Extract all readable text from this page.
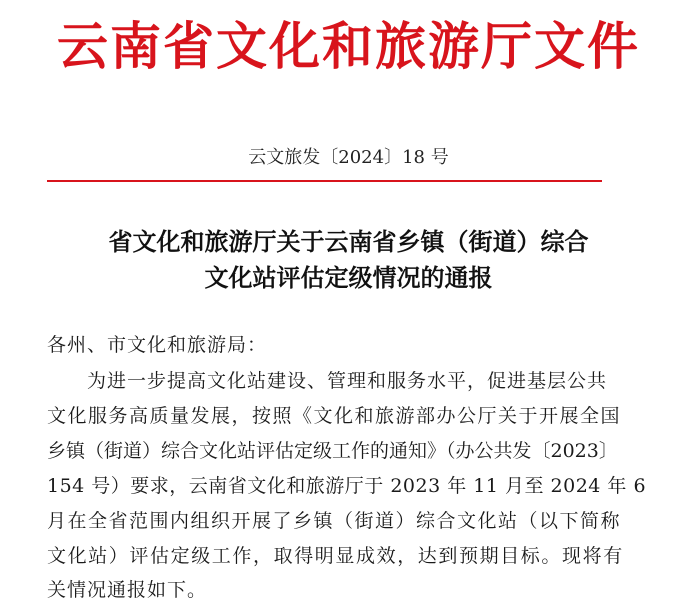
云南省文化和旅游厅文件
云文旅发〔2024〕18 号
省文化和旅游厅关于云南省乡镇（街道）综合
文化站评估定级情况的通报
各州、市文化和旅游局：
为进一步提高文化站建设、管理和服务水平，促进基层公共
文化服务高质量发展，按照《文化和旅游部办公厅关于开展全国
乡镇（街道）综合文化站评估定级工作的通知》（办公共发〔2023〕
154 号）要求，云南省文化和旅游厅于 2023 年 11 月至 2024 年 6
月在全省范围内组织开展了乡镇（街道）综合文化站（以下简称
文化站）评估定级工作，取得明显成效，达到预期目标。现将有
关情况通报如下。
